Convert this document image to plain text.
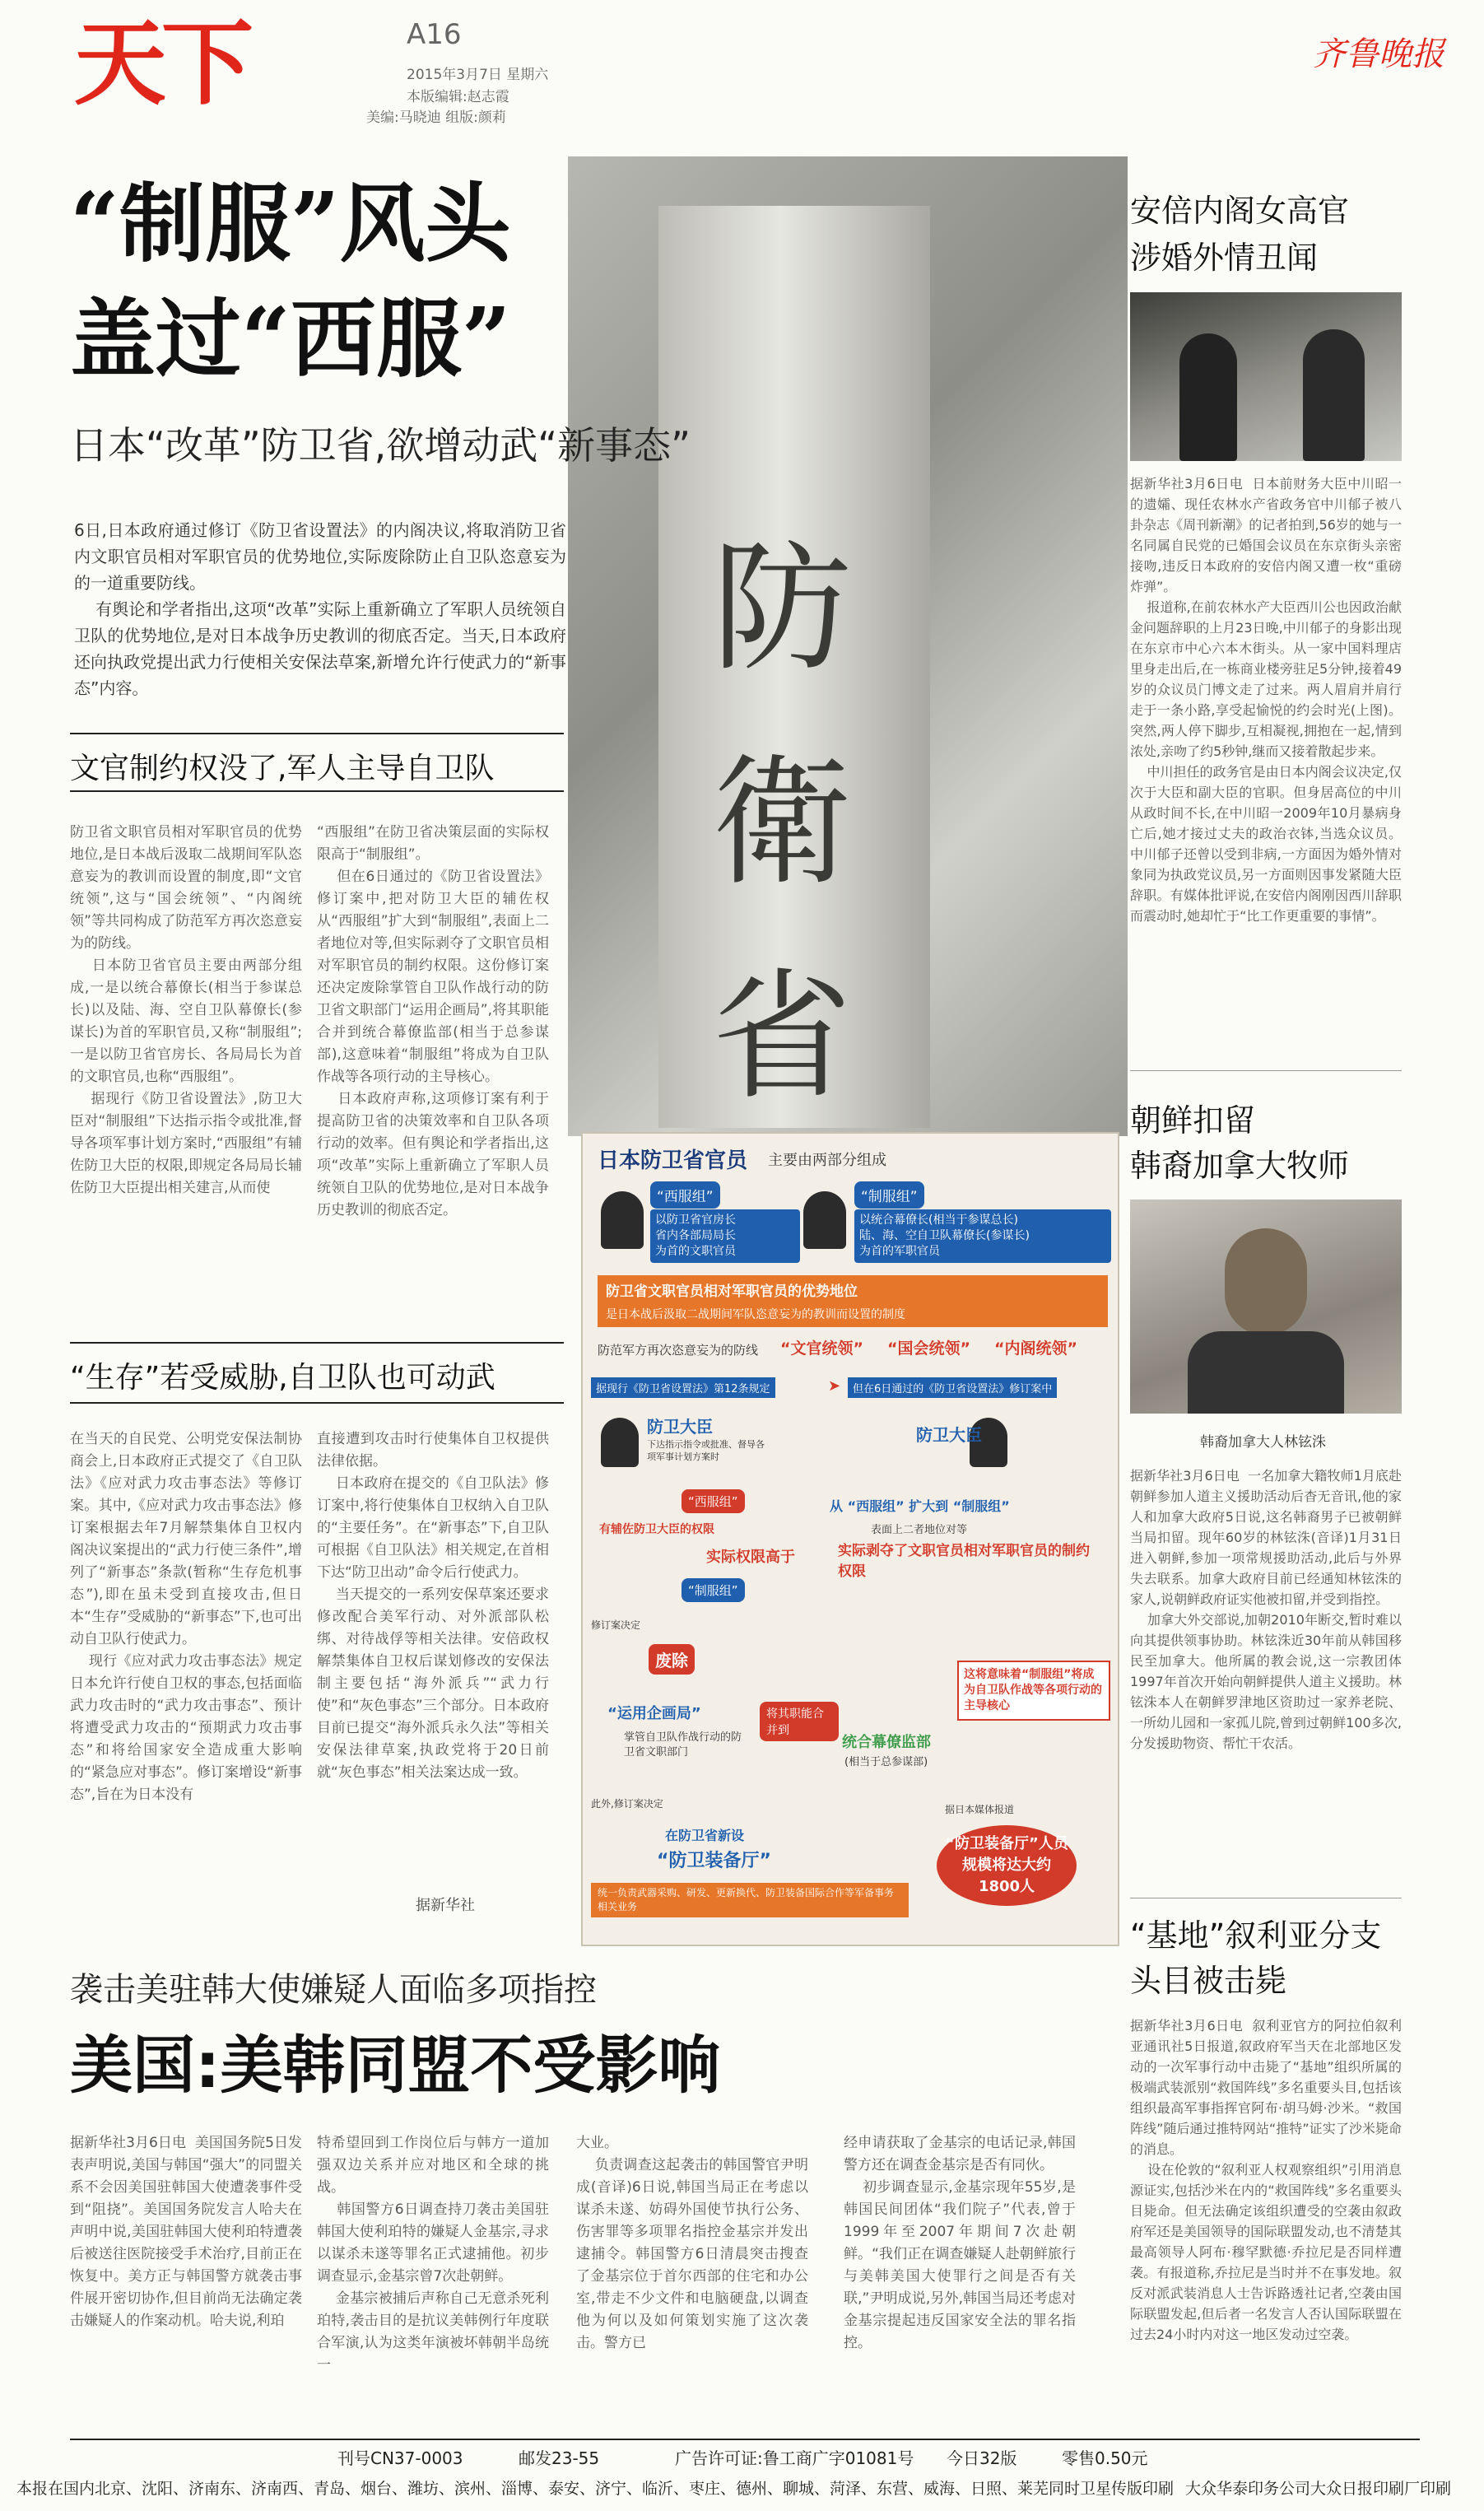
天下	A16
2015年3月7日 星期六
本版编辑:赵志霞
美编:马晓迪 组版:颜莉
齐鲁晚报
防
衛
省
“制服”风头
盖过“西服”
日本“改革”防卫省,欲增动武“新事态”
6日,日本政府通过修订《防卫省设置法》的内阁决议,将取消防卫省内文职官员相对军职官员的优势地位,实际废除防止自卫队恣意妄为的一道重要防线。
有舆论和学者指出,这项“改革”实际上重新确立了军职人员统领自卫队的优势地位,是对日本战争历史教训的彻底否定。当天,日本政府还向执政党提出武力行使相关安保法草案,新增允许行使武力的“新事态”内容。
文官制约权没了,军人主导自卫队
防卫省文职官员相对军职官员的优势地位,是日本战后汲取二战期间军队恣意妄为的教训而设置的制度,即“文官统领”,这与“国会统领”、“内阁统领”等共同构成了防范军方再次恣意妄为的防线。
日本防卫省官员主要由两部分组成,一是以统合幕僚长(相当于参谋总长)以及陆、海、空自卫队幕僚长(参谋长)为首的军职官员,又称“制服组”;一是以防卫省官房长、各局局长为首的文职官员,也称“西服组”。
据现行《防卫省设置法》,防卫大臣对“制服组”下达指示指令或批准,督导各项军事计划方案时,“西服组”有辅佐防卫大臣的权限,即规定各局局长辅佐防卫大臣提出相关建言,从而使
“西服组”在防卫省决策层面的实际权限高于“制服组”。
但在6日通过的《防卫省设置法》修订案中,把对防卫大臣的辅佐权从“西服组”扩大到“制服组”,表面上二者地位对等,但实际剥夺了文职官员相对军职官员的制约权限。这份修订案还决定废除掌管自卫队作战行动的防卫省文职部门“运用企画局”,将其职能合并到统合幕僚监部(相当于总参谋部),这意味着“制服组”将成为自卫队作战等各项行动的主导核心。
日本政府声称,这项修订案有利于提高防卫省的决策效率和自卫队各项行动的效率。但有舆论和学者指出,这项“改革”实际上重新确立了军职人员统领自卫队的优势地位,是对日本战争历史教训的彻底否定。
“生存”若受威胁,自卫队也可动武
在当天的自民党、公明党安保法制协商会上,日本政府正式提交了《自卫队法》《应对武力攻击事态法》等修订案。其中,《应对武力攻击事态法》修订案根据去年7月解禁集体自卫权内阁决议案提出的“武力行使三条件”,增列了“新事态”条款(暂称“生存危机事态”),即在虽未受到直接攻击,但日本“生存”受威胁的“新事态”下,也可出动自卫队行使武力。
现行《应对武力攻击事态法》规定日本允许行使自卫权的事态,包括面临武力攻击时的“武力攻击事态”、预计将遭受武力攻击的“预期武力攻击事态”和将给国家安全造成重大影响的“紧急应对事态”。修订案增设“新事态”,旨在为日本没有
直接遭到攻击时行使集体自卫权提供法律依据。
日本政府在提交的《自卫队法》修订案中,将行使集体自卫权纳入自卫队的“主要任务”。在“新事态”下,自卫队可根据《自卫队法》相关规定,在首相下达“防卫出动”命令后行使武力。
当天提交的一系列安保草案还要求修改配合美军行动、对外派部队松绑、对待战俘等相关法律。安倍政权解禁集体自卫权后谋划修改的安保法制主要包括“海外派兵”“武力行使”和“灰色事态”三个部分。日本政府目前已提交“海外派兵永久法”等相关安保法律草案,执政党将于20日前就“灰色事态”相关法案达成一致。
据新华社
日本防卫省官员 主要由两部分组成
“西服组”
以防卫省官房长
省内各部局局长
为首的文职官员
“制服组”
以统合幕僚长(相当于参谋总长)
陆、海、空自卫队幕僚长(参谋长)
为首的军职官员
防卫省文职官员相对军职官员的优势地位
是日本战后汲取二战期间军队恣意妄为的教训而设置的制度
防范军方再次恣意妄为的防线 “文官统领” “国会统领” “内阁统领”
据现行《防卫省设置法》第12条规定	➤	但在6日通过的《防卫省设置法》修订案中
防卫大臣
下达指示指令或批准、督导各项军事计划方案时
“西服组”
有辅佐防卫大臣的权限
实际权限高于
“制服组”
防卫大臣
从 “西服组” 扩大到 “制服组”
表面上二者地位对等
实际剥夺了文职官员相对军职官员的制约权限
修订案决定
废除
“运用企画局”
掌管自卫队作战行动的防卫省文职部门
将其职能合并到
统合幕僚监部
(相当于总参谋部)
这将意味着“制服组”将成为自卫队作战等各项行动的主导核心
此外,修订案决定
在防卫省新设
“防卫装备厅”
统一负责武器采购、研发、更新换代、防卫装备国际合作等军备事务相关业务
据日本媒体报道
“防卫装备厅”人员规模将达大约1800人
安倍内阁女高官
涉婚外情丑闻
据新华社3月6日电  日本前财务大臣中川昭一的遗孀、现任农林水产省政务官中川郁子被八卦杂志《周刊新潮》的记者拍到,56岁的她与一名同属自民党的已婚国会议员在东京街头亲密接吻,违反日本政府的安倍内阁又遭一枚“重磅炸弹”。
报道称,在前农林水产大臣西川公也因政治献金问题辞职的上月23日晚,中川郁子的身影出现在东京市中心六本木街头。从一家中国料理店里身走出后,在一栋商业楼旁驻足5分钟,接着49岁的众议员门博文走了过来。两人眉肩并肩行走于一条小路,享受起愉悦的约会时光(上图)。突然,两人停下脚步,互相凝视,拥抱在一起,情到浓处,亲吻了约5秒钟,继而又接着散起步来。
中川担任的政务官是由日本内阁会议决定,仅次于大臣和副大臣的官职。但身居高位的中川从政时间不长,在中川昭一2009年10月暴病身亡后,她才接过丈夫的政治衣钵,当选众议员。中川郁子还曾以受到非病,一方面因为婚外情对象同为执政党议员,另一方面则因事发紧随大臣辞职。有媒体批评说,在安倍内阁刚因西川辞职而震动时,她却忙于“比工作更重要的事情”。
朝鲜扣留
韩裔加拿大牧师
韩裔加拿大人林铉洙
据新华社3月6日电  一名加拿大籍牧师1月底赴朝鲜参加人道主义援助活动后杳无音讯,他的家人和加拿大政府5日说,这名韩裔男子已被朝鲜当局扣留。现年60岁的林铉洙(音译)1月31日进入朝鲜,参加一项常规援助活动,此后与外界失去联系。加拿大政府目前已经通知林铉洙的家人,说朝鲜政府证实他被扣留,并受到指控。
加拿大外交部说,加朝2010年断交,暂时难以向其提供领事协助。林铉洙近30年前从韩国移民至加拿大。他所属的教会说,这一宗教团体1997年首次开始向朝鲜提供人道主义援助。林铉洙本人在朝鲜罗津地区资助过一家养老院、一所幼儿园和一家孤儿院,曾到过朝鲜100多次,分发援助物资、帮忙干农活。
“基地”叙利亚分支
头目被击毙
据新华社3月6日电  叙利亚官方的阿拉伯叙利亚通讯社5日报道,叙政府军当天在北部地区发动的一次军事行动中击毙了“基地”组织所属的极端武装派别“救国阵线”多名重要头目,包括该组织最高军事指挥官阿布·胡马姆·沙米。“救国阵线”随后通过推特网站“推特”证实了沙米毙命的消息。
设在伦敦的“叙利亚人权观察组织”引用消息源证实,包括沙米在内的“救国阵线”多名重要头目毙命。但无法确定该组织遭受的空袭由叙政府军还是美国领导的国际联盟发动,也不清楚其最高领导人阿布·穆罕默德·乔拉尼是否同样遭袭。有报道称,乔拉尼是当时并不在事发地。叙反对派武装消息人士告诉路透社记者,空袭由国际联盟发起,但后者一名发言人否认国际联盟在过去24小时内对这一地区发动过空袭。
袭击美驻韩大使嫌疑人面临多项指控
美国:美韩同盟不受影响
据新华社3月6日电  美国国务院5日发表声明说,美国与韩国“强大”的同盟关系不会因美国驻韩国大使遭袭事件受到“阻挠”。美国国务院发言人哈夫在声明中说,美国驻韩国大使利珀特遭袭后被送往医院接受手术治疗,目前正在恢复中。美方正与韩国警方就袭击事件展开密切协作,但目前尚无法确定袭击嫌疑人的作案动机。哈夫说,利珀
特希望回到工作岗位后与韩方一道加强双边关系并应对地区和全球的挑战。
韩国警方6日调查持刀袭击美国驻韩国大使利珀特的嫌疑人金基宗,寻求以谋杀未遂等罪名正式逮捕他。初步调查显示,金基宗曾7次赴朝鲜。
金基宗被捕后声称自己无意杀死利珀特,袭击目的是抗议美韩例行年度联合军演,认为这类年演被坏韩朝半岛统一
大业。
负责调查这起袭击的韩国警官尹明成(音译)6日说,韩国当局正在考虑以谋杀未遂、妨碍外国使节执行公务、伤害罪等多项罪名指控金基宗并发出逮捕令。韩国警方6日清晨突击搜查了金基宗位于首尔西部的住宅和办公室,带走不少文件和电脑硬盘,以调查他为何以及如何策划实施了这次袭击。警方已
经申请获取了金基宗的电话记录,韩国警方还在调查金基宗是否有同伙。
初步调查显示,金基宗现年55岁,是韩国民间团体“我们院子”代表,曾于1999年至2007年期间7次赴朝鲜。“我们正在调查嫌疑人赴朝鲜旅行与美韩美国大使罪行之间是否有关联,”尹明成说,另外,韩国当局还考虑对金基宗提起违反国家安全法的罪名指控。
刊号CN37-0003	邮发23-55	广告许可证:鲁工商广字01081号 今日32版	零售0.50元
本报在国内北京、沈阳、济南东、济南西、青岛、烟台、潍坊、滨州、淄博、泰安、济宁、临沂、枣庄、德州、聊城、菏泽、东营、威海、日照、莱芜同时卫星传版印刷 大众华泰印务公司大众日报印刷厂印刷
